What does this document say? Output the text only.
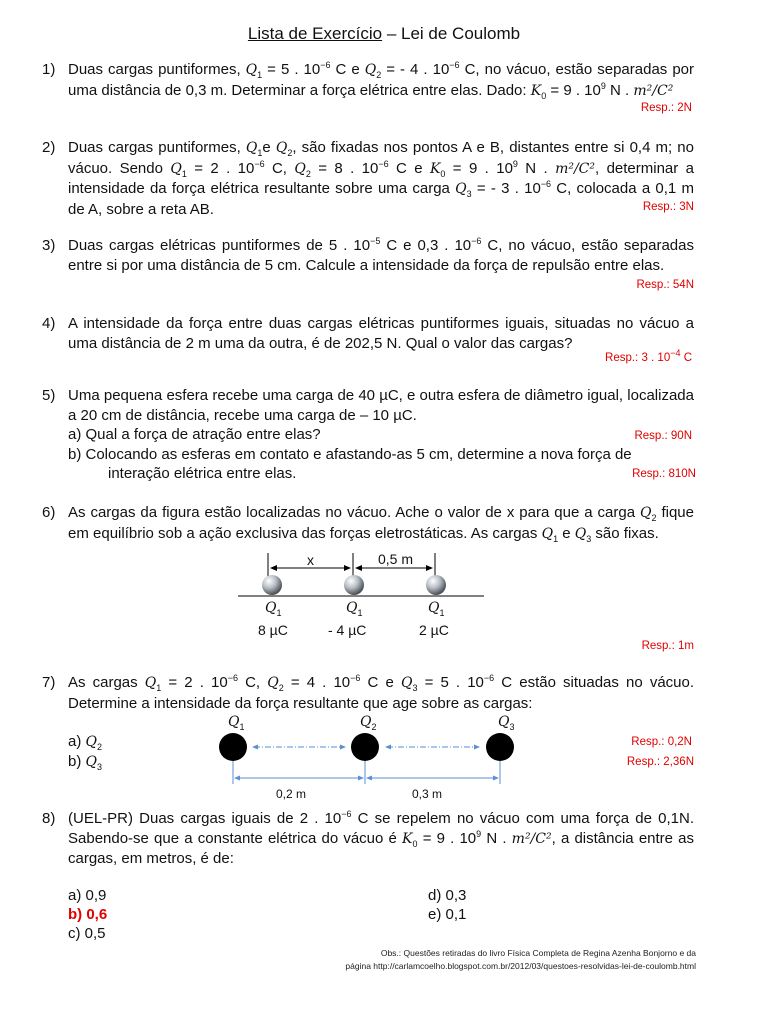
Lista de Exercício – Lei de Coulomb
1) Duas cargas puntiformes, $Q_1 = 5$ . $10^{-6}$ C e $Q_2$ = - 4 . $10^{-6}$ C, no vácuo, estão separadas por uma distância de 0,3 m. Determinar a força elétrica entre elas. Dado: $K_0 = 9$ . $10^9$ N . m²/C²
Resp.: 2N
2) Duas cargas puntiformes, $Q_1e$ $Q_2$, são fixadas nos pontos A e B, distantes entre si 0,4 m; no vácuo. Sendo $Q_1 = 2$ . $10^{-6}$ C, $Q_2 = 8$ . $10^{-6}$ C e $K_0 = 9$ . $10^9$ N . m²/C², determinar a intensidade da força elétrica resultante sobre uma carga $Q_3$ = - 3 . $10^{-6}$ C, colocada a 0,1 m de A, sobre a reta AB.	Resp.: 3N
3) Duas cargas elétricas puntiformes de 5 . $10^{-5}$ C e 0,3 . $10^{-6}$ C, no vácuo, estão separadas entre si por uma distância de 5 cm. Calcule a intensidade da força de repulsão entre elas.
Resp.: 54N
4) A intensidade da força entre duas cargas elétricas puntiformes iguais, situadas no vácuo a uma distância de 2 m uma da outra, é de 202,5 N. Qual o valor das cargas?
Resp.: 3 . $10^{-4}$ C
5) Uma pequena esfera recebe uma carga de 40 µC, e outra esfera de diâmetro igual, localizada a 20 cm de distância, recebe uma carga de – 10 µC.
a) Qual a força de atração entre elas?	Resp.: 90N
b) Colocando as esferas em contato e afastando-as 5 cm, determine a nova força de
interação elétrica entre elas.	Resp.: 810N
6) As cargas da figura estão localizadas no vácuo. Ache o valor de x para que a carga $Q_2$ fique em equilíbrio sob a ação exclusiva das forças eletrostáticas. As cargas $Q_1$ e $Q_3$ são fixas.
x	0,5 m
$Q_1$	$Q_1$	$Q_1$
8 µC	- 4 µC	2 µC
Resp.: 1m
7) As cargas $Q_1 = 2$ . $10^{-6}$ C, $Q_2 = 4$ . $10^{-6}$ C e $Q_3 = 5$ . $10^{-6}$ C estão situadas no vácuo. Determine a intensidade da força resultante que age sobre as cargas:
a) $Q_2$
b) $Q_3$
$Q_1$	$Q_2$	$Q_3$
0,2 m	0,3 m
Resp.: 0,2N
Resp.: 2,36N
8) (UEL-PR) Duas cargas iguais de 2 . $10^{-6}$ C se repelem no vácuo com uma força de 0,1N. Sabendo-se que a constante elétrica do vácuo é $K_0 = 9$ . $10^9$ N . m²/C², a distância entre as cargas, em metros, é de:
a) 0,9
b) 0,6
c) 0,5
d) 0,3
e) 0,1
Obs.: Questões retiradas do livro Física Completa de Regina Azenha Bonjorno e da
página http://carlamcoelho.blogspot.com.br/2012/03/questoes-resolvidas-lei-de-coulomb.html
